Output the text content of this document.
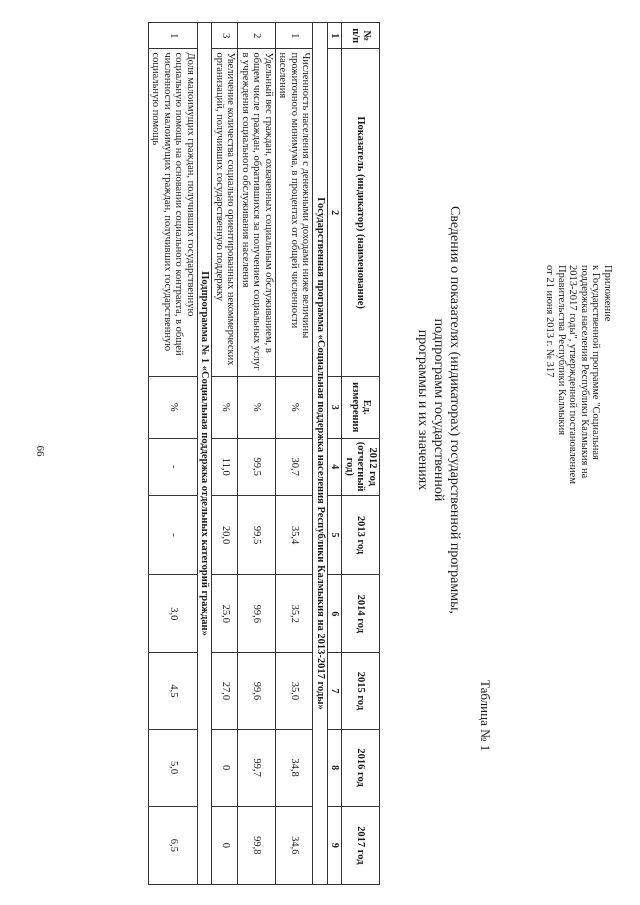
66
Приложение
к Государственной программе "Социальная
поддержка населения Республики Калмыкия на
2013-2017 годы", утвержденной постановлением
Правительства Республики Калмыкия
от 21 июня 2013 г. № 317
Таблица № 1
Сведения о показателях (индикаторах) государственной программы, подпрограмм государственной
программы и их значениях
№ п/п	Показатель (индикатор) (наименование)	Ед. измерения	2012 год (отчетный год)	2013 год	2014 год	2015 год	2016 год	2017 год
1	2	3	4	5	6	7	8	9
Государственная программа «Социальная поддержка населения Республики Калмыкия на 2013-2017 годы»								
1	Численность населения с денежными доходами ниже величины прожиточного минимума, в процентах от общей численности населения	%	30,7	35,4	35,2	35,0	34,8	34,6
2	Удельный вес граждан, охваченных социальным обслуживанием, в общем числе граждан, обратившихся за получением социальных услуг в учреждения социального обслуживания населения	%	99,5	99,5	99,6	99,6	99,7	99,8
3	Увеличение количества социально ориентированных некоммерческих организаций, получивших государственную поддержку	%	11,0	20,0	25,0	27,0	0	0
Подпрограмма № 1 «Социальная поддержка отдельных категорий граждан»								
1	Доля малоимущих граждан, получивших государственную социальную помощь на основании социального контракта, в общей численности малоимущих граждан, получивших государственную социальную помощь	%	-	-	3,0	4,5	5,0	6,5
